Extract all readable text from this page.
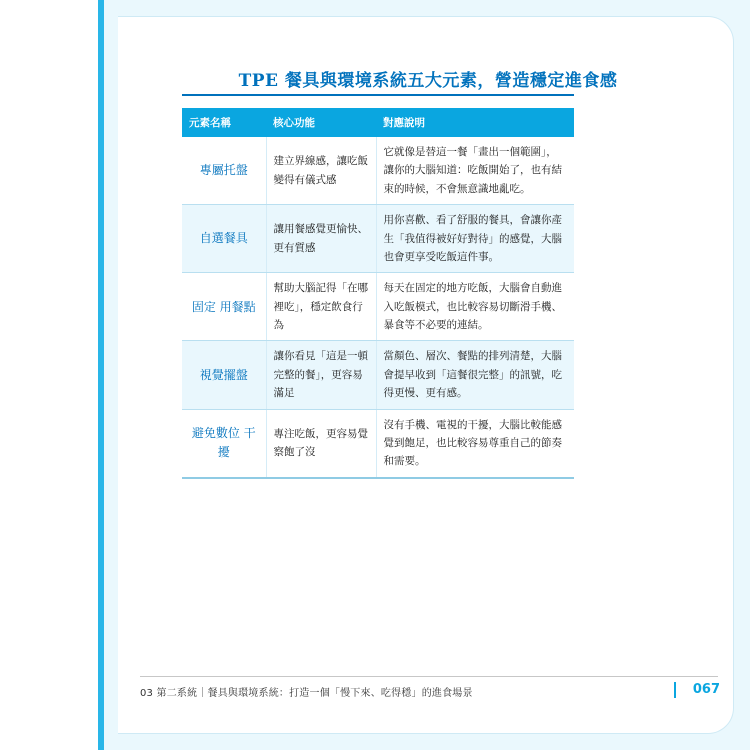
TPE 餐具與環境系統五大元素，營造穩定進食感
元素名稱	核心功能	對應說明
專屬托盤	建立界線感，讓吃飯變得有儀式感	它就像是替這一餐「畫出一個範圍」，讓你的大腦知道：吃飯開始了，也有結束的時候，不會無意識地亂吃。
自選餐具	讓用餐感覺更愉快、更有質感	用你喜歡、看了舒服的餐具，會讓你產生「我值得被好好對待」的感覺，大腦也會更享受吃飯這件事。
固定 用餐點	幫助大腦記得「在哪裡吃」，穩定飲食行為	每天在固定的地方吃飯，大腦會自動進入吃飯模式，也比較容易切斷滑手機、暴食等不必要的連結。
視覺擺盤	讓你看見「這是一頓完整的餐」，更容易滿足	當顏色、層次、餐點的排列清楚，大腦會提早收到「這餐很完整」的訊號，吃得更慢、更有感。
避免數位 干擾	專注吃飯，更容易覺察飽了沒	沒有手機、電視的干擾，大腦比較能感覺到飽足，也比較容易尊重自己的節奏和需要。
03 第二系統｜餐具與環境系統：打造一個「慢下來、吃得穩」的進食場景	067
